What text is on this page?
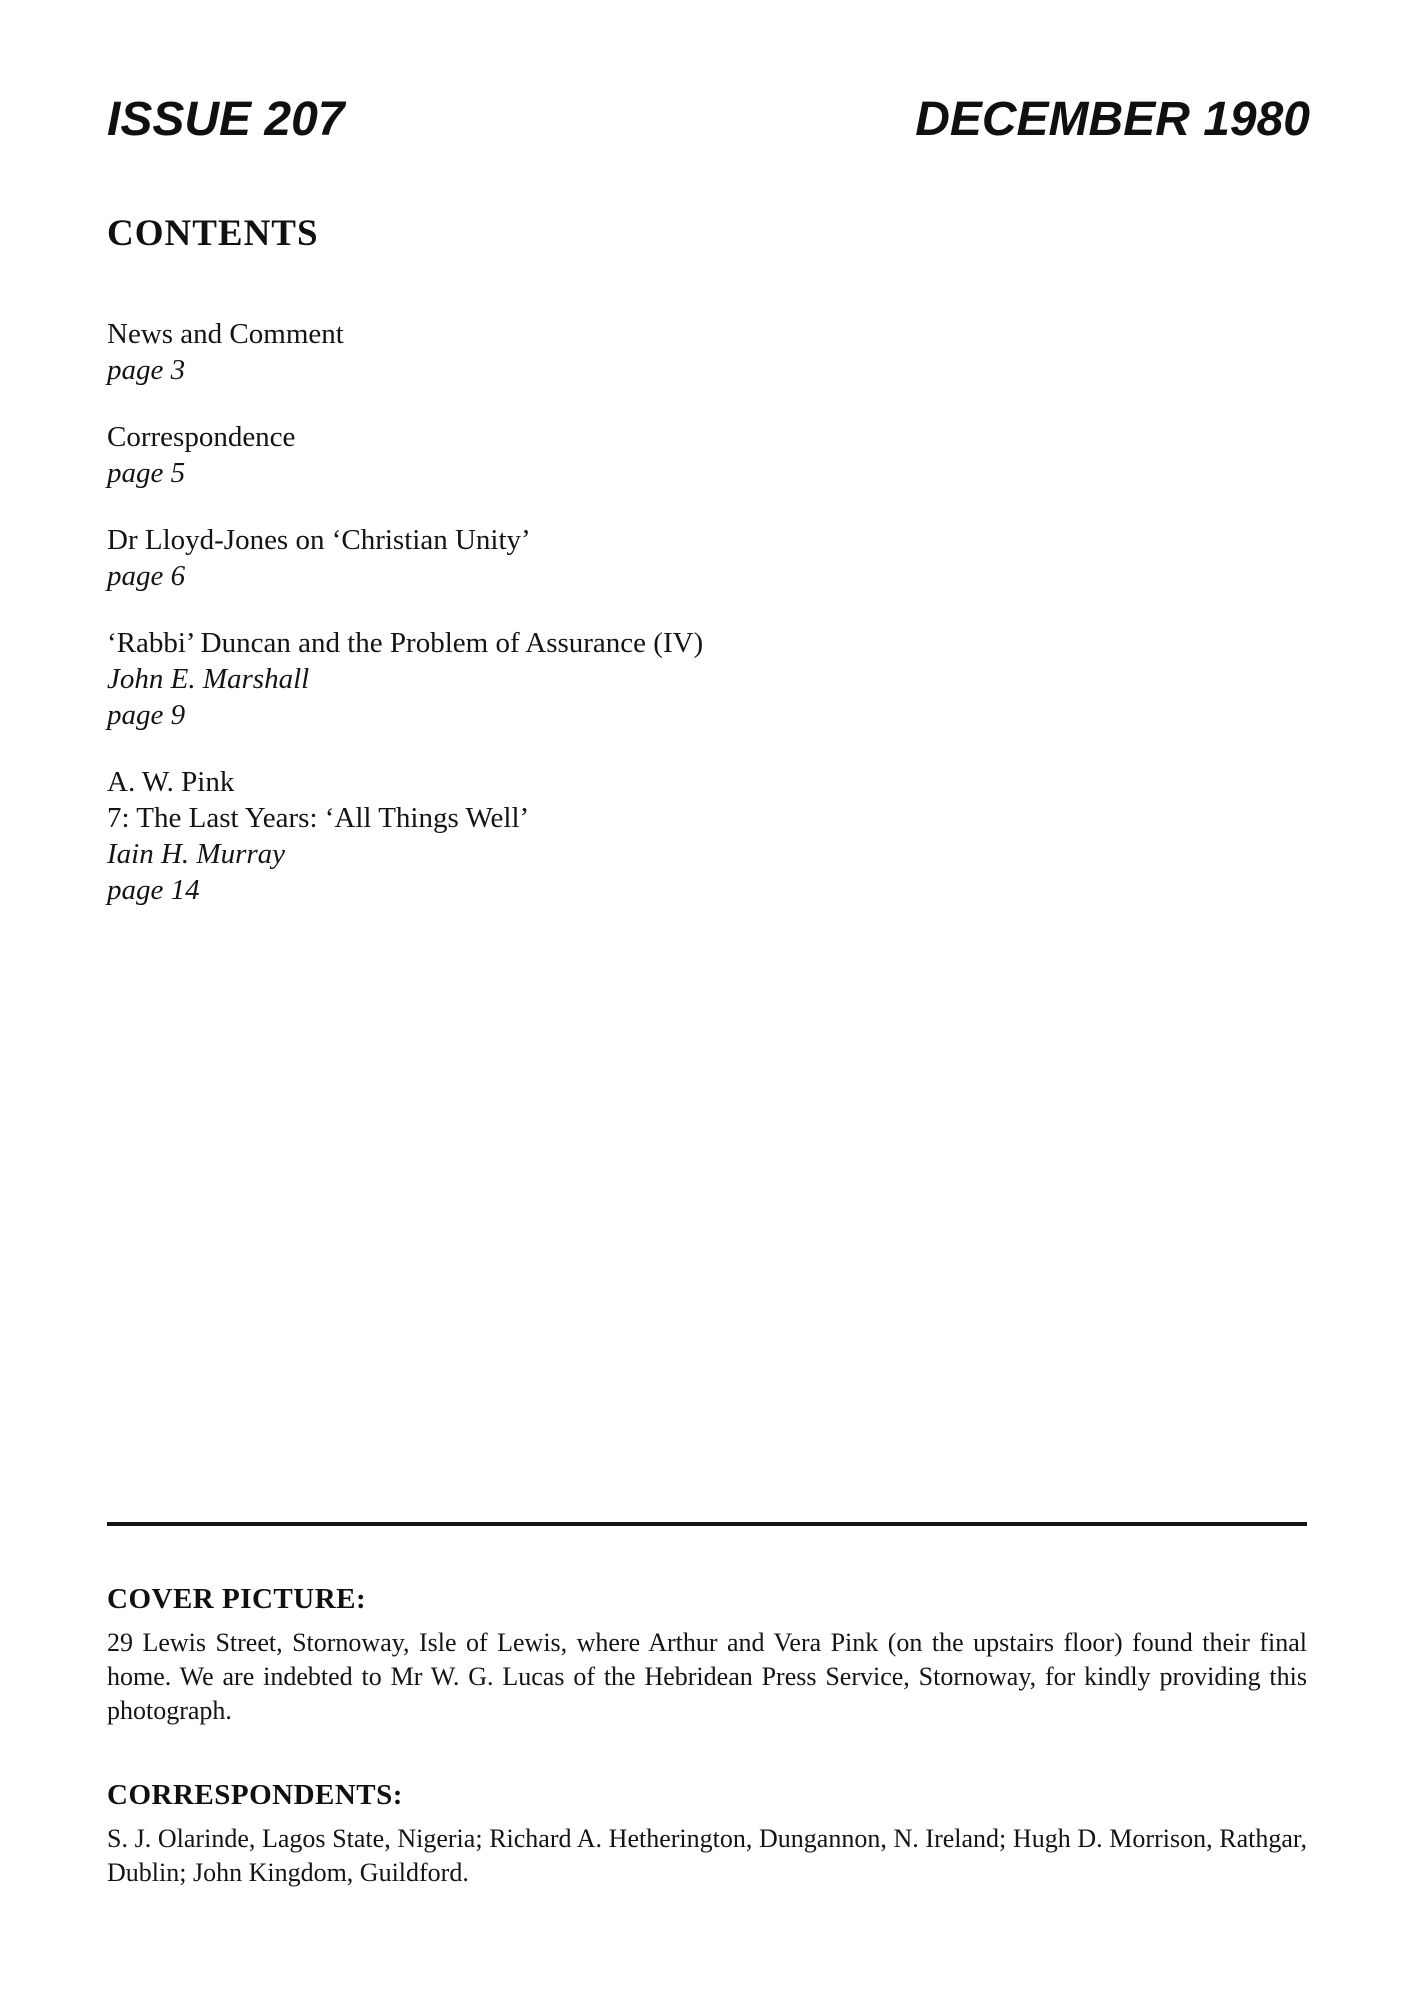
ISSUE 207	DECEMBER 1980
CONTENTS
News and Comment
page 3
Correspondence
page 5
Dr Lloyd-Jones on ‘Christian Unity’
page 6
‘Rabbi’ Duncan and the Problem of Assurance (IV)
John E. Marshall
page 9
A. W. Pink
7: The Last Years: ‘All Things Well’
Iain H. Murray
page 14
COVER PICTURE:

29 Lewis Street, Stornoway, Isle of Lewis, where Arthur and Vera Pink (on the upstairs floor) found their final home. We are indebted to Mr W. G. Lucas of the Hebridean Press Service, Stornoway, for kindly providing this photograph.

CORRESPONDENTS:

S. J. Olarinde, Lagos State, Nigeria; Richard A. Hetherington, Dungannon, N. Ireland; Hugh D. Morrison, Rathgar, Dublin; John Kingdom, Guildford.
